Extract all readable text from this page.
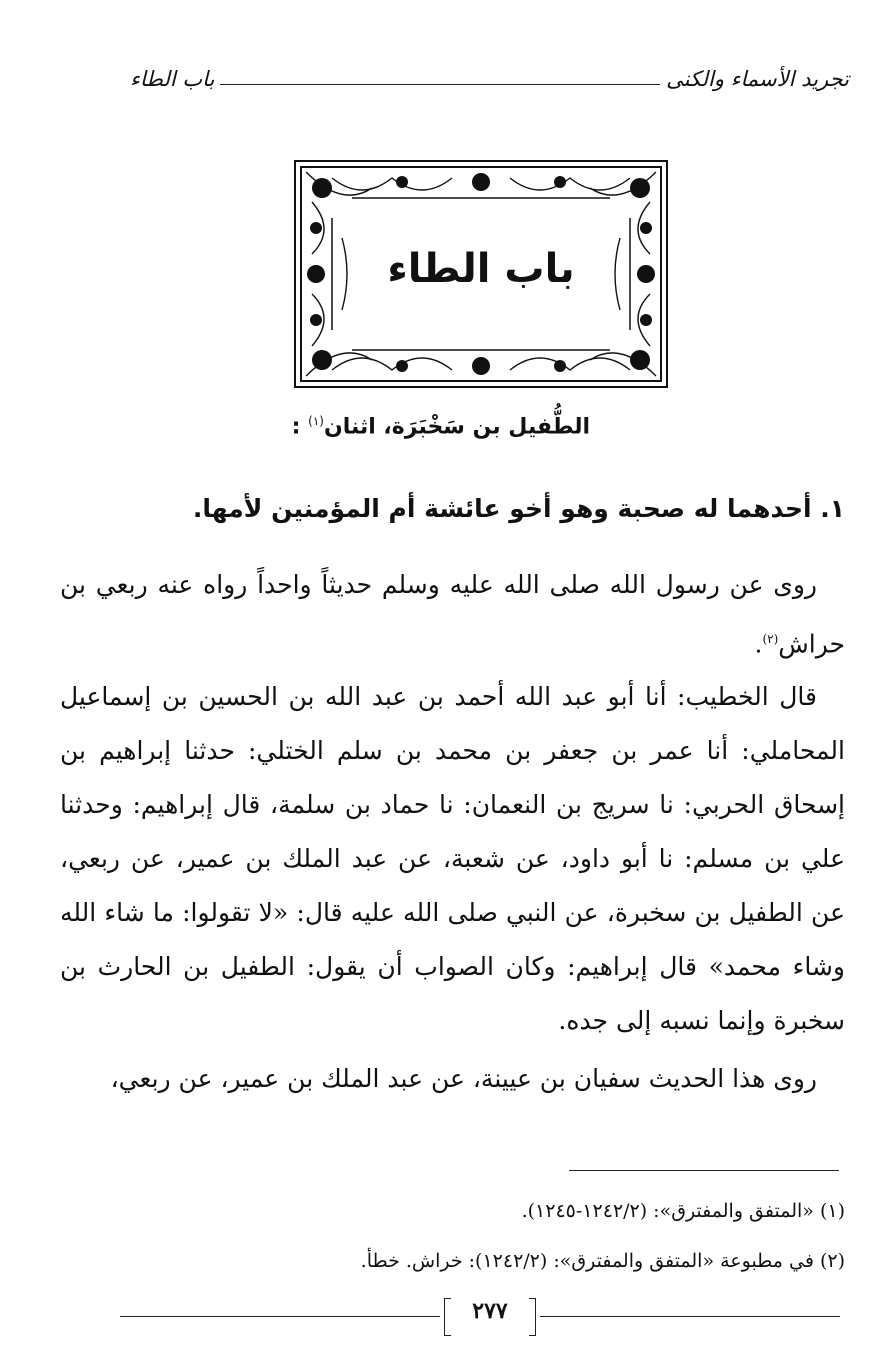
تجريد الأسماء والكنى
باب الطاء
باب الطاء
الطُّفيل بن سَخْبَرَة، اثنان$^{(١)}$ :
١. أحدهما له صحبة وهو أخو عائشة أم المؤمنين لأمها.

روى عن رسول الله صلى الله عليه وسلم حديثاً واحداً رواه عنه ربعي بن حراش$^{(٢)}$.

قال الخطيب: أنا أبو عبد الله أحمد بن عبد الله بن الحسين بن إسماعيل المحاملي: أنا عمر بن جعفر بن محمد بن سلم الختلي: حدثنا إبراهيم بن إسحاق الحربي: نا سريج بن النعمان: نا حماد بن سلمة، قال إبراهيم: وحدثنا علي بن مسلم: نا أبو داود، عن شعبة، عن عبد الملك بن عمير، عن ربعي، عن الطفيل بن سخبرة، عن النبي صلى الله عليه قال: «لا تقولوا: ما شاء الله وشاء محمد» قال إبراهيم: وكان الصواب أن يقول: الطفيل بن الحارث بن سخبرة وإنما نسبه إلى جده.

روى هذا الحديث سفيان بن عيينة، عن عبد الملك بن عمير، عن ربعي،

(١) «المتفق والمفترق»: (١٢٤٢/٢-١٢٤٥).
(٢) في مطبوعة «المتفق والمفترق»: (١٢٤٢/٢): خراش. خطأ.
٢٧٧
